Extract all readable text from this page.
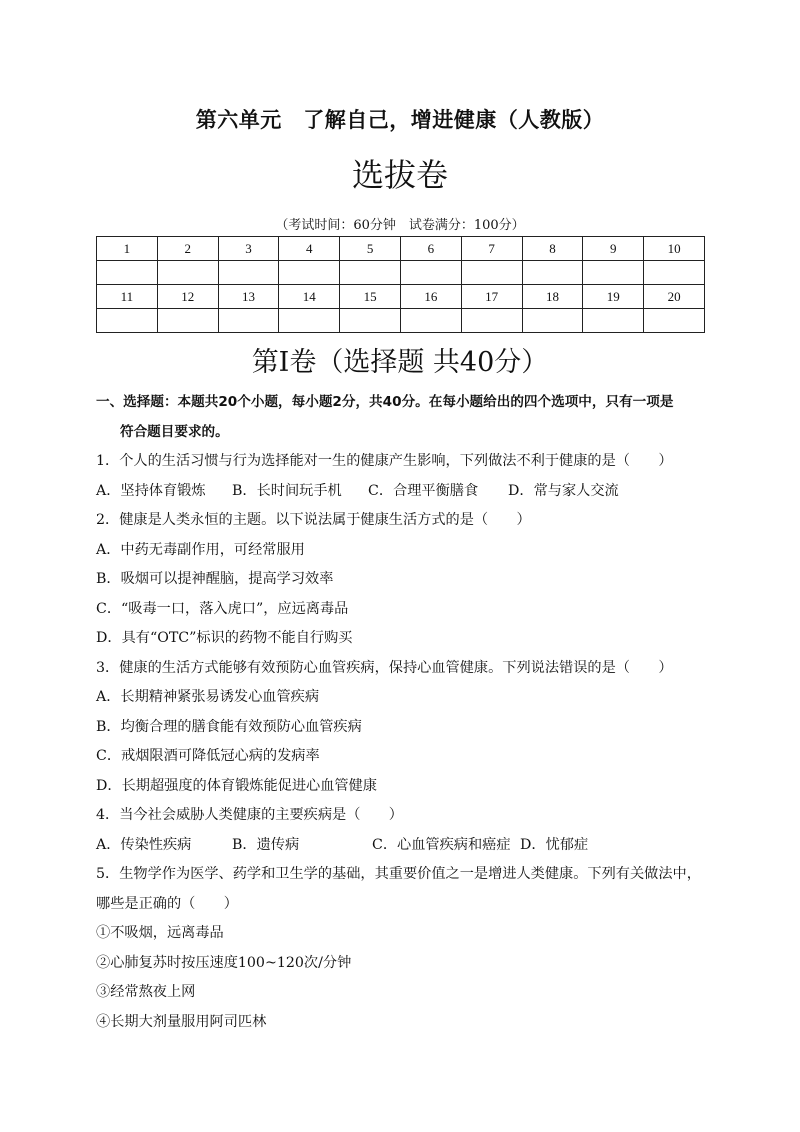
第六单元　了解自己，增进健康（人教版）
选拔卷
（考试时间：60分钟　试卷满分：100分）
1	2	3	4	5	6	7	8	9	10

11	12	13	14	15	16	17	18	19	20

第Ⅰ卷（选择题 共40分）
一、选择题：本题共20个小题，每小题2分，共40分。在每小题给出的四个选项中，只有一项是
符合题目要求的。
1．个人的生活习惯与行为选择能对一生的健康产生影响，下列做法不利于健康的是（　　）
A．坚持体育锻炼 B．长时间玩手机 C．合理平衡膳食 D．常与家人交流
2．健康是人类永恒的主题。以下说法属于健康生活方式的是（　　）
A．中药无毒副作用，可经常服用
B．吸烟可以提神醒脑，提高学习效率
C．“吸毒一口，落入虎口”，应远离毒品
D．具有“OTC”标识的药物不能自行购买
3．健康的生活方式能够有效预防心血管疾病，保持心血管健康。下列说法错误的是（　　）
A．长期精神紧张易诱发心血管疾病
B．均衡合理的膳食能有效预防心血管疾病
C．戒烟限酒可降低冠心病的发病率
D．长期超强度的体育锻炼能促进心血管健康
4．当今社会威胁人类健康的主要疾病是（　　）
A．传染性疾病	B．遗传病	C．心血管疾病和癌症 D．忧郁症
5．生物学作为医学、药学和卫生学的基础，其重要价值之一是增进人类健康。下列有关做法中，
哪些是正确的（　　）
①不吸烟，远离毒品
②心肺复苏时按压速度100~120次/分钟
③经常熬夜上网
④长期大剂量服用阿司匹林
